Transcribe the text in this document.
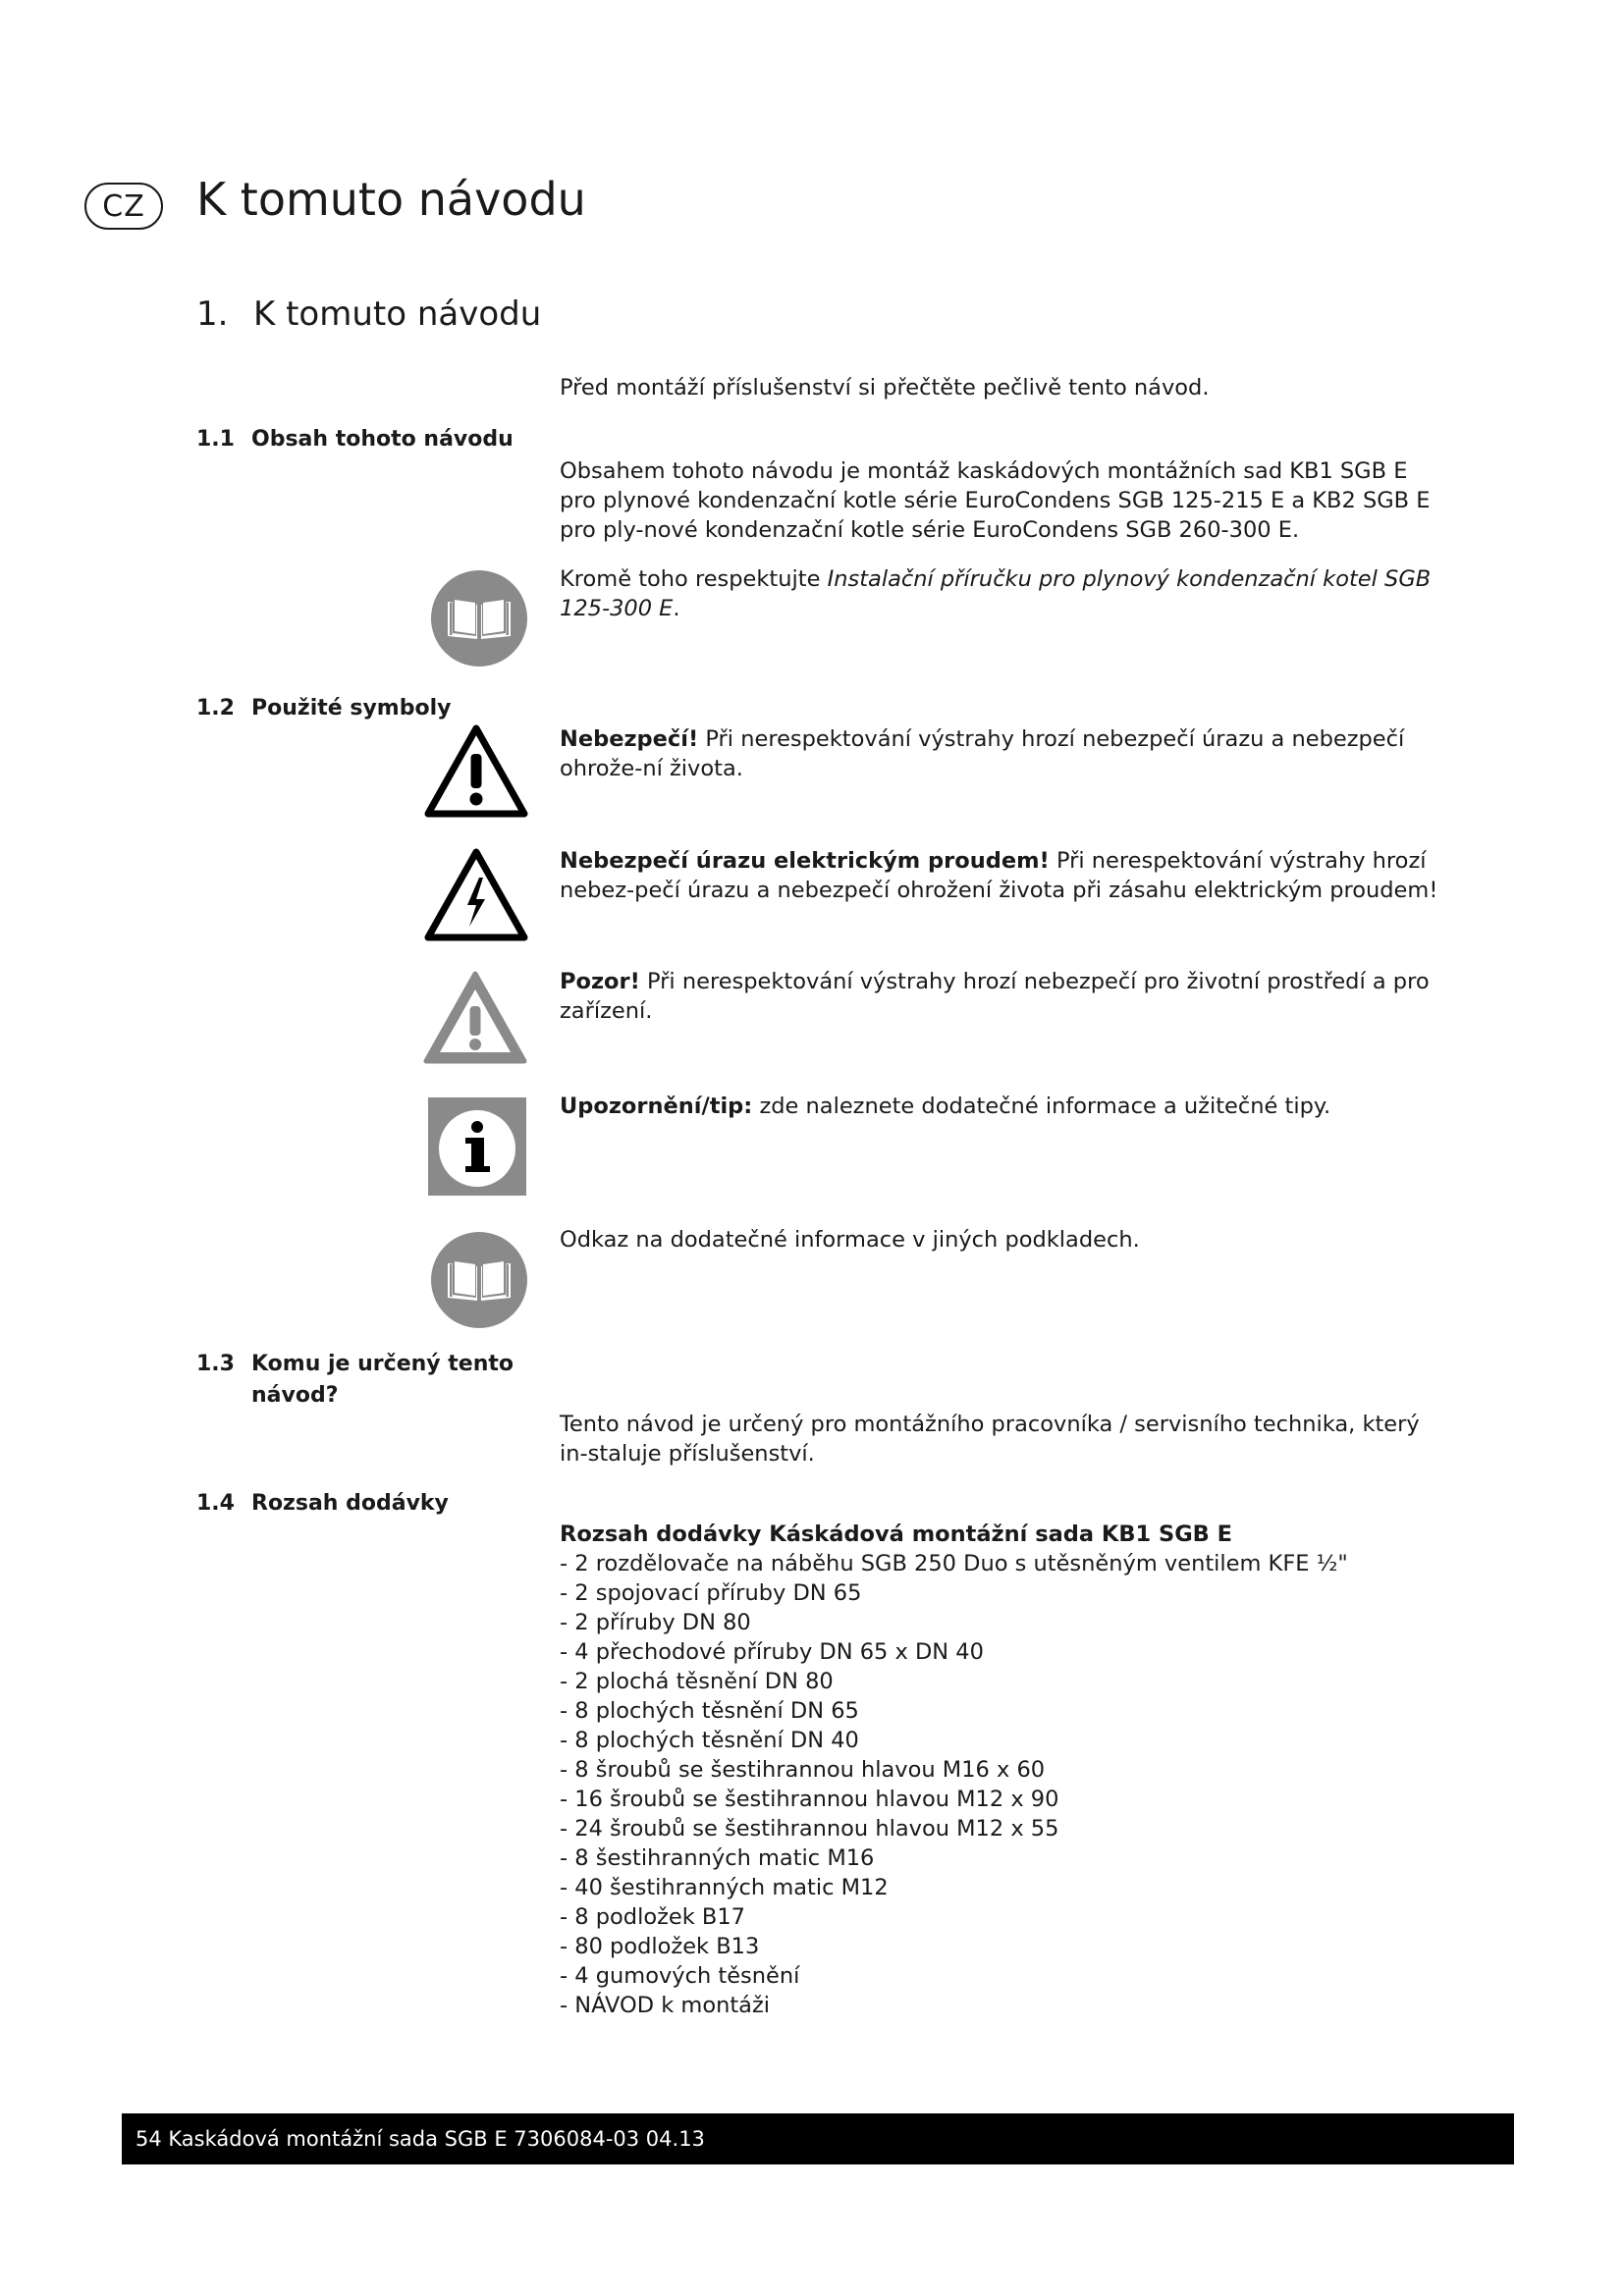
CZ	K tomuto návodu
1. K tomuto návodu

Před montáží příslušenství si přečtěte pečlivě tento návod.

1.1 Obsah tohoto návodu

Obsahem tohoto návodu je montáž kaskádových montážních sad KB1 SGB E pro plynové kondenzační kotle série EuroCondens SGB 125-215 E a KB2 SGB E pro ply-nové kondenzační kotle série EuroCondens SGB 260-300 E.

Kromě toho respektujte Instalační příručku pro plynový kondenzační kotel SGB 125-300 E.

1.2 Použité symboly

Nebezpečí! Při nerespektování výstrahy hrozí nebezpečí úrazu a nebezpečí ohrože-ní života.

Nebezpečí úrazu elektrickým proudem! Při nerespektování výstrahy hrozí nebez-pečí úrazu a nebezpečí ohrožení života při zásahu elektrickým proudem!

Pozor! Při nerespektování výstrahy hrozí nebezpečí pro životní prostředí a pro zařízení.

Upozornění/tip: zde naleznete dodatečné informace a užitečné tipy.

Odkaz na dodatečné informace v jiných podkladech.

1.3 Komu je určený tento
návod?

Tento návod je určený pro montážního pracovníka / servisního technika, který in-staluje příslušenství.

1.4 Rozsah dodávky
Rozsah dodávky Káskádová montážní sada KB1 SGB E
- 2 rozdělovače na náběhu SGB 250 Duo s utěsněným ventilem KFE ½"
- 2 spojovací příruby DN 65
- 2 příruby DN 80
- 4 přechodové příruby DN 65 x DN 40
- 2 plochá těsnění DN 80
- 8 plochých těsnění DN 65
- 8 plochých těsnění DN 40
- 8 šroubů se šestihrannou hlavou M16 x 60
- 16 šroubů se šestihrannou hlavou M12 x 90
- 24 šroubů se šestihrannou hlavou M12 x 55
- 8 šestihranných matic M16
- 40 šestihranných matic M12
- 8 podložek B17
- 80 podložek B13
- 4 gumových těsnění
- NÁVOD k montáži
54 Kaskádová montážní sada SGB E 7306084-03 04.13
